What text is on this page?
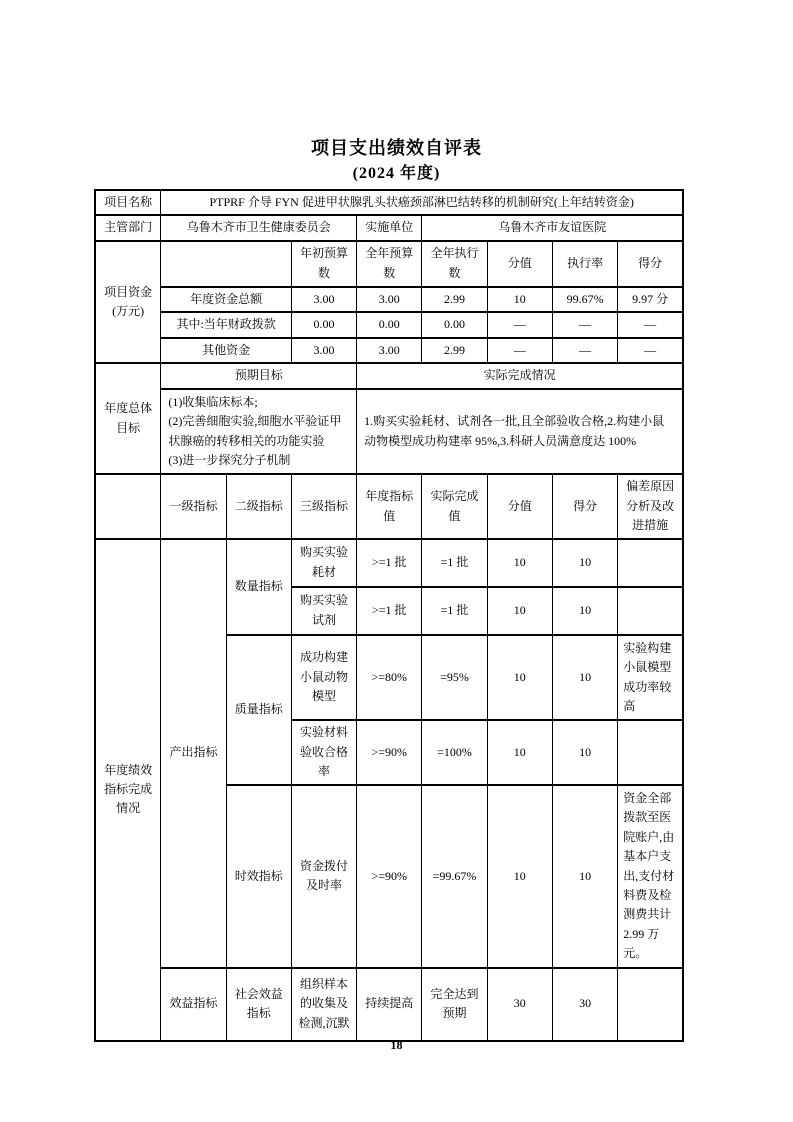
项目支出绩效自评表
(2024 年度)
项目名称	PTPRF 介导 FYN 促进甲状腺乳头状癌颈部淋巴结转移的机制研究(上年结转资金)							
主管部门	乌鲁木齐市卫生健康委员会			实施单位	乌鲁木齐市友谊医院			

项目资金
(万元)			年初预算数	全年预算数	全年执行数	分值	执行率	得分
	年度资金总额		3.00	3.00	2.99	10	99.67%	9.97 分
	其中:当年财政拨款		0.00	0.00	0.00	—	—	—
	其他资金		3.00	3.00	2.99	—	—	—
年度总体目标	预期目标			实际完成情况				

	(1)收集临床标本;
(2)完善细胞实验,细胞水平验证甲状腺癌的转移相关的功能实验
(3)进一步探究分子机制			1.购买实验耗材、试剂各一批,且全部验收合格,2.构建小鼠动物模型成功构建率 95%,3.科研人员满意度达 100%				
	一级指标	二级指标	三级指标	年度指标值	实际完成值	分值	得分	偏差原因分析及改进措施
年度绩效指标完成情况	产出指标	数量指标	购买实验耗材	>=1 批	=1 批	10	10	
			购买实验试剂	>=1 批	=1 批	10	10	
		质量指标	成功构建小鼠动物模型	>=80%	=95%	10	10	实验构建小鼠模型成功率较高
			实验材料验收合格率	>=90%	=100%	10	10	
		时效指标	资金拨付及时率	>=90%	=99.67%	10	10	资金全部拨款至医院账户,由基本户支出,支付材料费及检测费共计 2.99 万元。
	效益指标	社会效益指标	组织样本的收集及检测,沉默	持续提高	完全达到预期	30	30	
18
